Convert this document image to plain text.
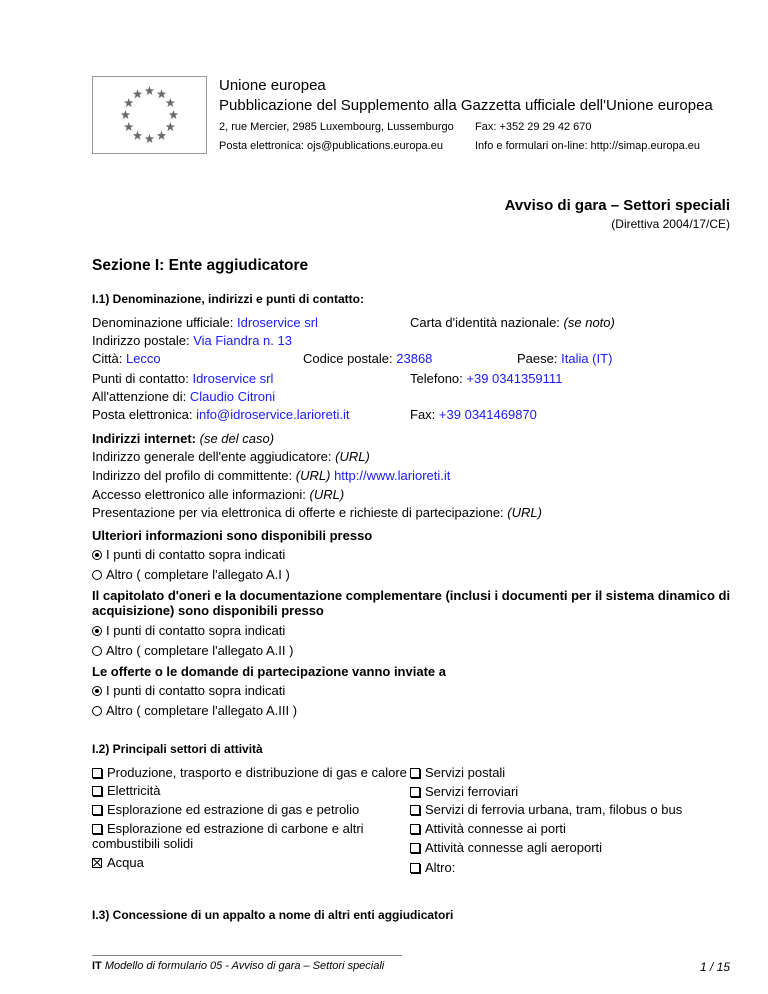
Unione europea
Pubblicazione del Supplemento alla Gazzetta ufficiale dell'Unione europea
2, rue Mercier, 2985 Luxembourg, Lussemburgo Fax: +352 29 29 42 670
Posta elettronica: ojs@publications.europa.eu	Info e formulari on-line: http://simap.europa.eu
Avviso di gara – Settori speciali
(Direttiva 2004/17/CE)
Sezione I: Ente aggiudicatore
I.1) Denominazione, indirizzi e punti di contatto:
Denominazione ufficiale: Idroservice srl	Carta d'identità nazionale: (se noto)
Indirizzo postale: Via Fiandra n. 13
Città: Lecco	Codice postale: 23868	Paese: Italia (IT)
Punti di contatto: Idroservice srl	Telefono: +39 0341359111
All'attenzione di: Claudio Citroni
Posta elettronica: info@idroservice.larioreti.it	Fax: +39 0341469870
Indirizzi internet: (se del caso)
Indirizzo generale dell'ente aggiudicatore: (URL)
Indirizzo del profilo di committente: (URL) http://www.larioreti.it
Accesso elettronico alle informazioni: (URL)
Presentazione per via elettronica di offerte e richieste di partecipazione: (URL)
Ulteriori informazioni sono disponibili presso
I punti di contatto sopra indicati
Altro ( completare l'allegato A.I )
Il capitolato d'oneri e la documentazione complementare (inclusi i documenti per il sistema dinamico di
acquisizione) sono disponibili presso
I punti di contatto sopra indicati
Altro ( completare l'allegato A.II )
Le offerte o le domande di partecipazione vanno inviate a
I punti di contatto sopra indicati
Altro ( completare l'allegato A.III )
I.2) Principali settori di attività
Produzione, trasporto e distribuzione di gas e calore
Elettricità
Esplorazione ed estrazione di gas e petrolio
Esplorazione ed estrazione di carbone e altri
combustibili solidi
Acqua
Servizi postali
Servizi ferroviari
Servizi di ferrovia urbana, tram, filobus o bus
Attività connesse ai porti
Attività connesse agli aeroporti
Altro:
I.3) Concessione di un appalto a nome di altri enti aggiudicatori
IT Modello di formulario 05 - Avviso di gara – Settori speciali	1 / 15
